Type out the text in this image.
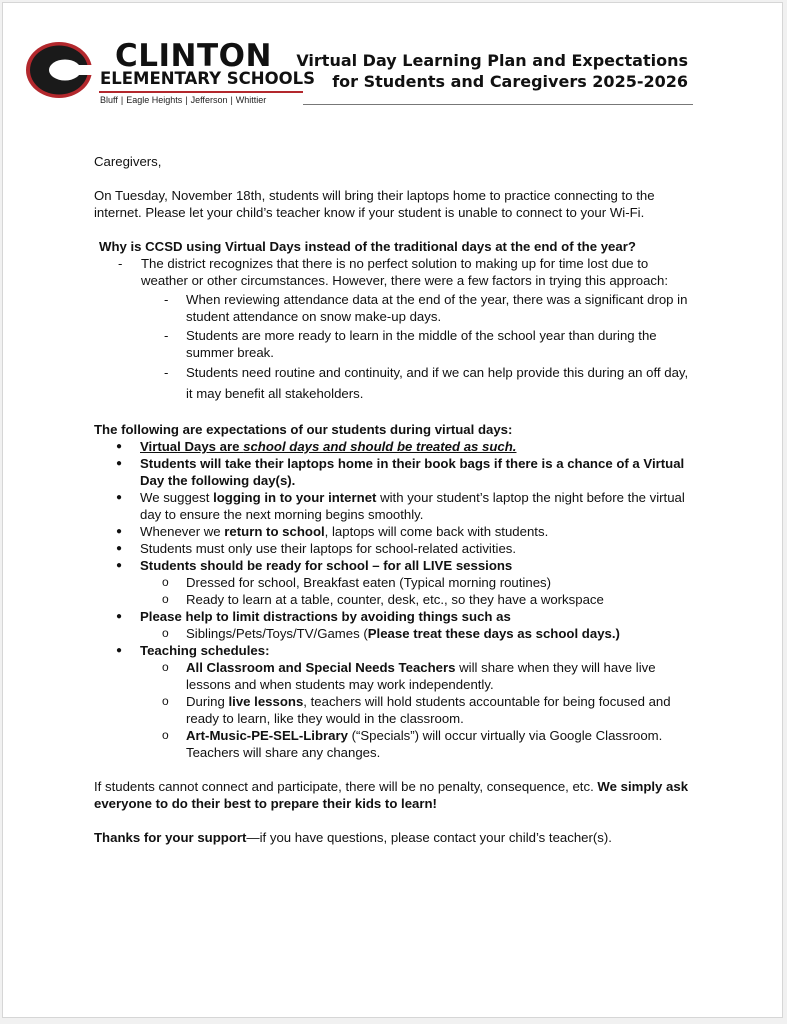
CLINTON
ELEMENTARY SCHOOLS
Bluff | Eagle Heights | Jefferson | Whittier
Virtual Day Learning Plan and Expectations
for Students and Caregivers 2025-2026

Caregivers,

On Tuesday, November 18th, students will bring their laptops home to practice connecting to the internet. Please let your child’s teacher know if your student is unable to connect to your Wi-Fi.

Why is CCSD using Virtual Days instead of the traditional days at the end of the year?

- The district recognizes that there is no perfect solution to making up for time lost due to weather or other circumstances. However, there were a few factors in trying this approach:
- When reviewing attendance data at the end of the year, there was a significant drop in student attendance on snow make-up days.
- Students are more ready to learn in the middle of the school year than during the summer break.
- Students need routine and continuity, and if we can help provide this during an off day, it may benefit all stakeholders.

The following are expectations of our students during virtual days:

● Virtual Days are school days and should be treated as such.
● Students will take their laptops home in their book bags if there is a chance of a Virtual Day the following day(s).
● We suggest logging in to your internet with your student’s laptop the night before the virtual day to ensure the next morning begins smoothly.
● Whenever we return to school, laptops will come back with students.
● Students must only use their laptops for school-related activities.
● Students should be ready for school – for all LIVE sessions
o Dressed for school, Breakfast eaten (Typical morning routines)
o Ready to learn at a table, counter, desk, etc., so they have a workspace
● Please help to limit distractions by avoiding things such as
o Siblings/Pets/Toys/TV/Games (Please treat these days as school days.)
● Teaching schedules:
o All Classroom and Special Needs Teachers will share when they will have live lessons and when students may work independently.
o During live lessons, teachers will hold students accountable for being focused and ready to learn, like they would in the classroom.
o Art-Music-PE-SEL-Library (“Specials”) will occur virtually via Google Classroom. Teachers will share any changes.

If students cannot connect and participate, there will be no penalty, consequence, etc. We simply ask everyone to do their best to prepare their kids to learn!

Thanks for your support—if you have questions, please contact your child’s teacher(s).
